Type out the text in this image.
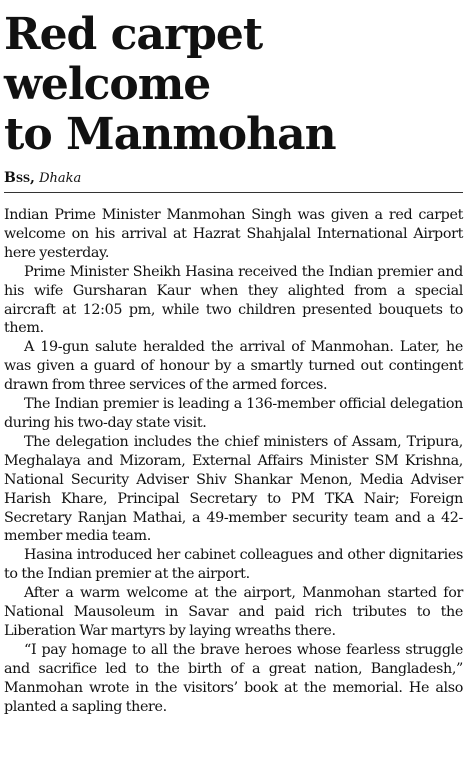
Red carpet welcome
to Manmohan
Bss, Dhaka

Indian Prime Minister Manmohan Singh was given a red carpet welcome on his arrival at Hazrat Shahjalal International Airport here yesterday.

Prime Minister Sheikh Hasina received the Indian premier and his wife Gursharan Kaur when they alighted from a special aircraft at 12:05 pm, while two children presented bouquets to them.

A 19-gun salute heralded the arrival of Manmohan. Later, he was given a guard of honour by a smartly turned out contingent drawn from three services of the armed forces.

The Indian premier is leading a 136-member official delegation during his two-day state visit.

The delegation includes the chief ministers of Assam, Tripura, Meghalaya and Mizoram, External Affairs Minister SM Krishna, National Security Adviser Shiv Shankar Menon, Media Adviser Harish Khare, Principal Secretary to PM TKA Nair; Foreign Secretary Ranjan Mathai, a 49-member security team and a 42-member media team.

Hasina introduced her cabinet colleagues and other dignitaries to the Indian premier at the airport.

After a warm welcome at the airport, Manmohan started for National Mausoleum in Savar and paid rich tributes to the Liberation War martyrs by laying wreaths there.

“I pay homage to all the brave heroes whose fearless struggle and sacrifice led to the birth of a great nation, Bangladesh,” Manmohan wrote in the visitors’ book at the memorial. He also planted a sapling there.
